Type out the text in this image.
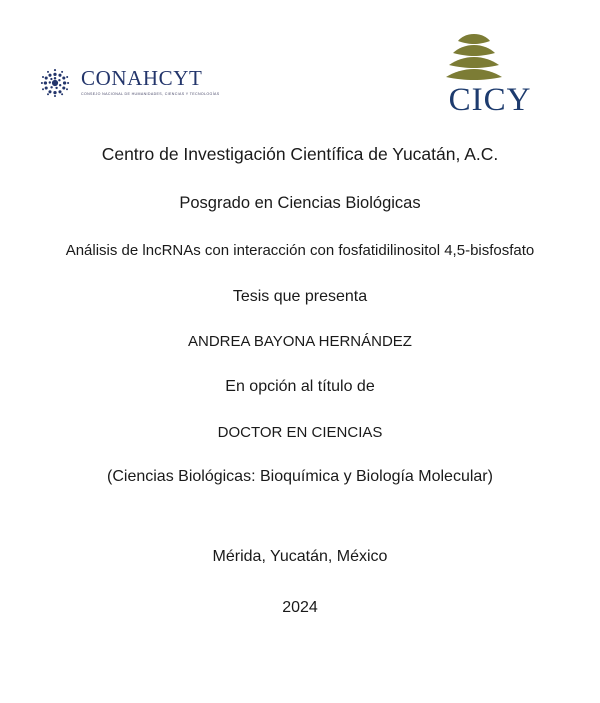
CONAHCYT
CONSEJO NACIONAL DE HUMANIDADES, CIENCIAS Y TECNOLOGÍAS	CICY
Centro de Investigación Científica de Yucatán, A.C.
Posgrado en Ciencias Biológicas
Análisis de lncRNAs con interacción con fosfatidilinositol 4,5-bisfosfato
Tesis que presenta
ANDREA BAYONA HERNÁNDEZ
En opción al título de
DOCTOR EN CIENCIAS
(Ciencias Biológicas: Bioquímica y Biología Molecular)
Mérida, Yucatán, México
2024
